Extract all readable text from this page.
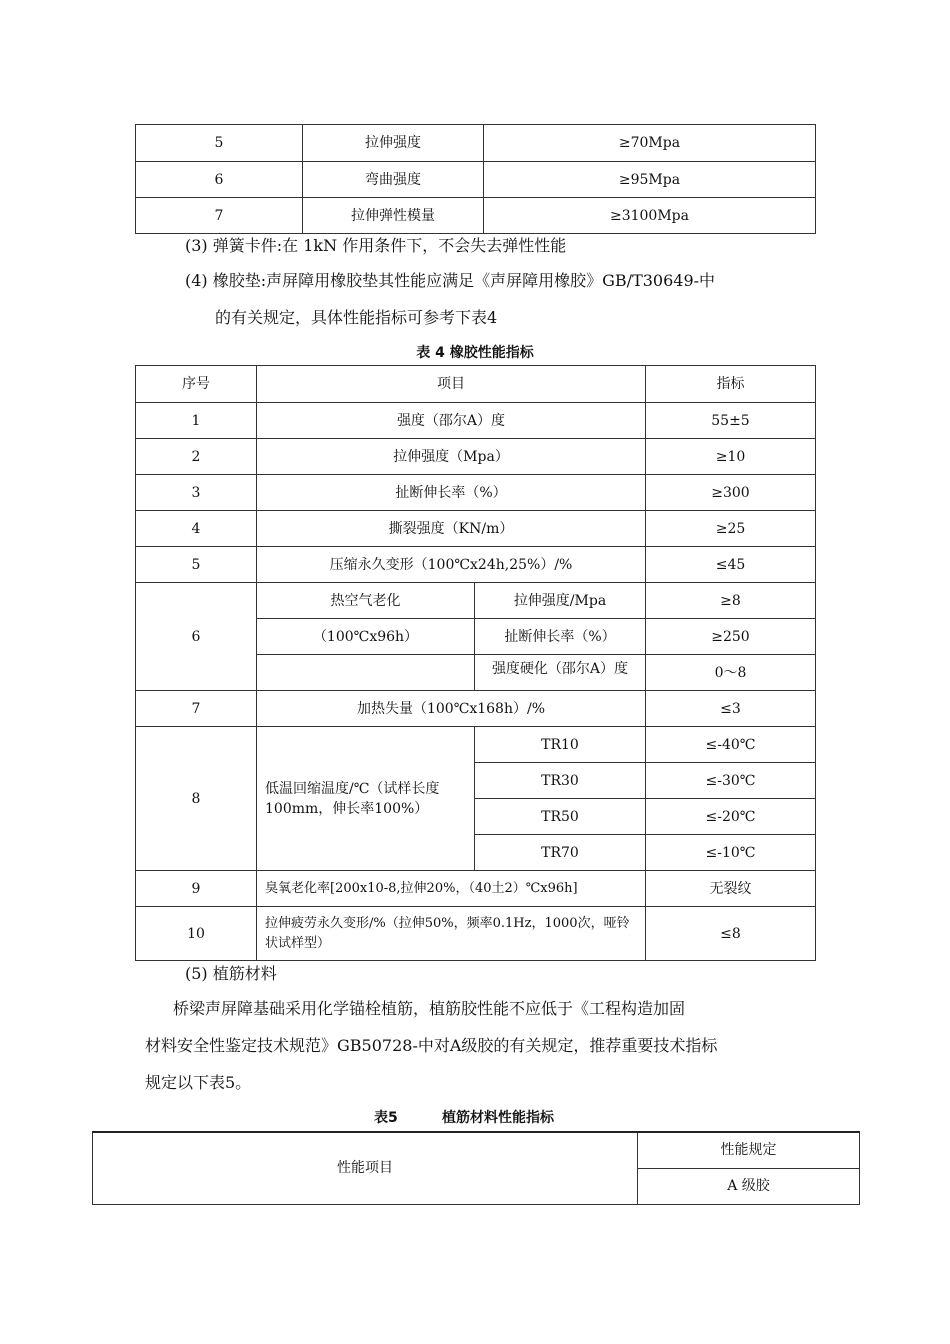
5	拉伸强度	≥70Mpa
6	弯曲强度	≥95Mpa
7	拉伸弹性模量	≥3100Mpa
(3) 弹簧卡件:在 1kN 作用条件下，不会失去弹性性能
(4) 橡胶垫:声屏障用橡胶垫其性能应满足《声屏障用橡胶》GB/T30649-中
的有关规定，具体性能指标可参考下表4
表 4 橡胶性能指标
序号	项目		指标
1	强度（邵尔A）度		55±5
2	拉伸强度（Mpa）		≥10
3	扯断伸长率（%）		≥300
4	撕裂强度（KN/m）		≥25
5	压缩永久变形（100℃x24h,25%）/%		≤45
6	热空气老化	拉伸强度/Mpa	≥8
	（100℃x96h）	扯断伸长率（%）	≥250

		强度硬化（邵尔A）度	0～8
7	加热失量（100℃x168h）/%		≤3
8	低温回缩温度/℃（试样长度100mm，伸长率100%）	TR10	≤-40℃
		TR30	≤-30℃
		TR50	≤-20℃
		TR70	≤-10℃
9	臭氧老化率[200x10-8,拉伸20%，（40土2）℃x96h]		无裂纹
10	拉伸疲劳永久变形/%（拉伸50%，频率0.1Hz，1000次，哑铃状试样型）		≤8
(5) 植筋材料
桥梁声屏障基础采用化学锚栓植筋，植筋胶性能不应低于《工程构造加固
材料安全性鉴定技术规范》GB50728-中对A级胶的有关规定，推荐重要技术指标
规定以下表5。
表5	植筋材料性能指标
性能项目	性能规定
A 级胶
